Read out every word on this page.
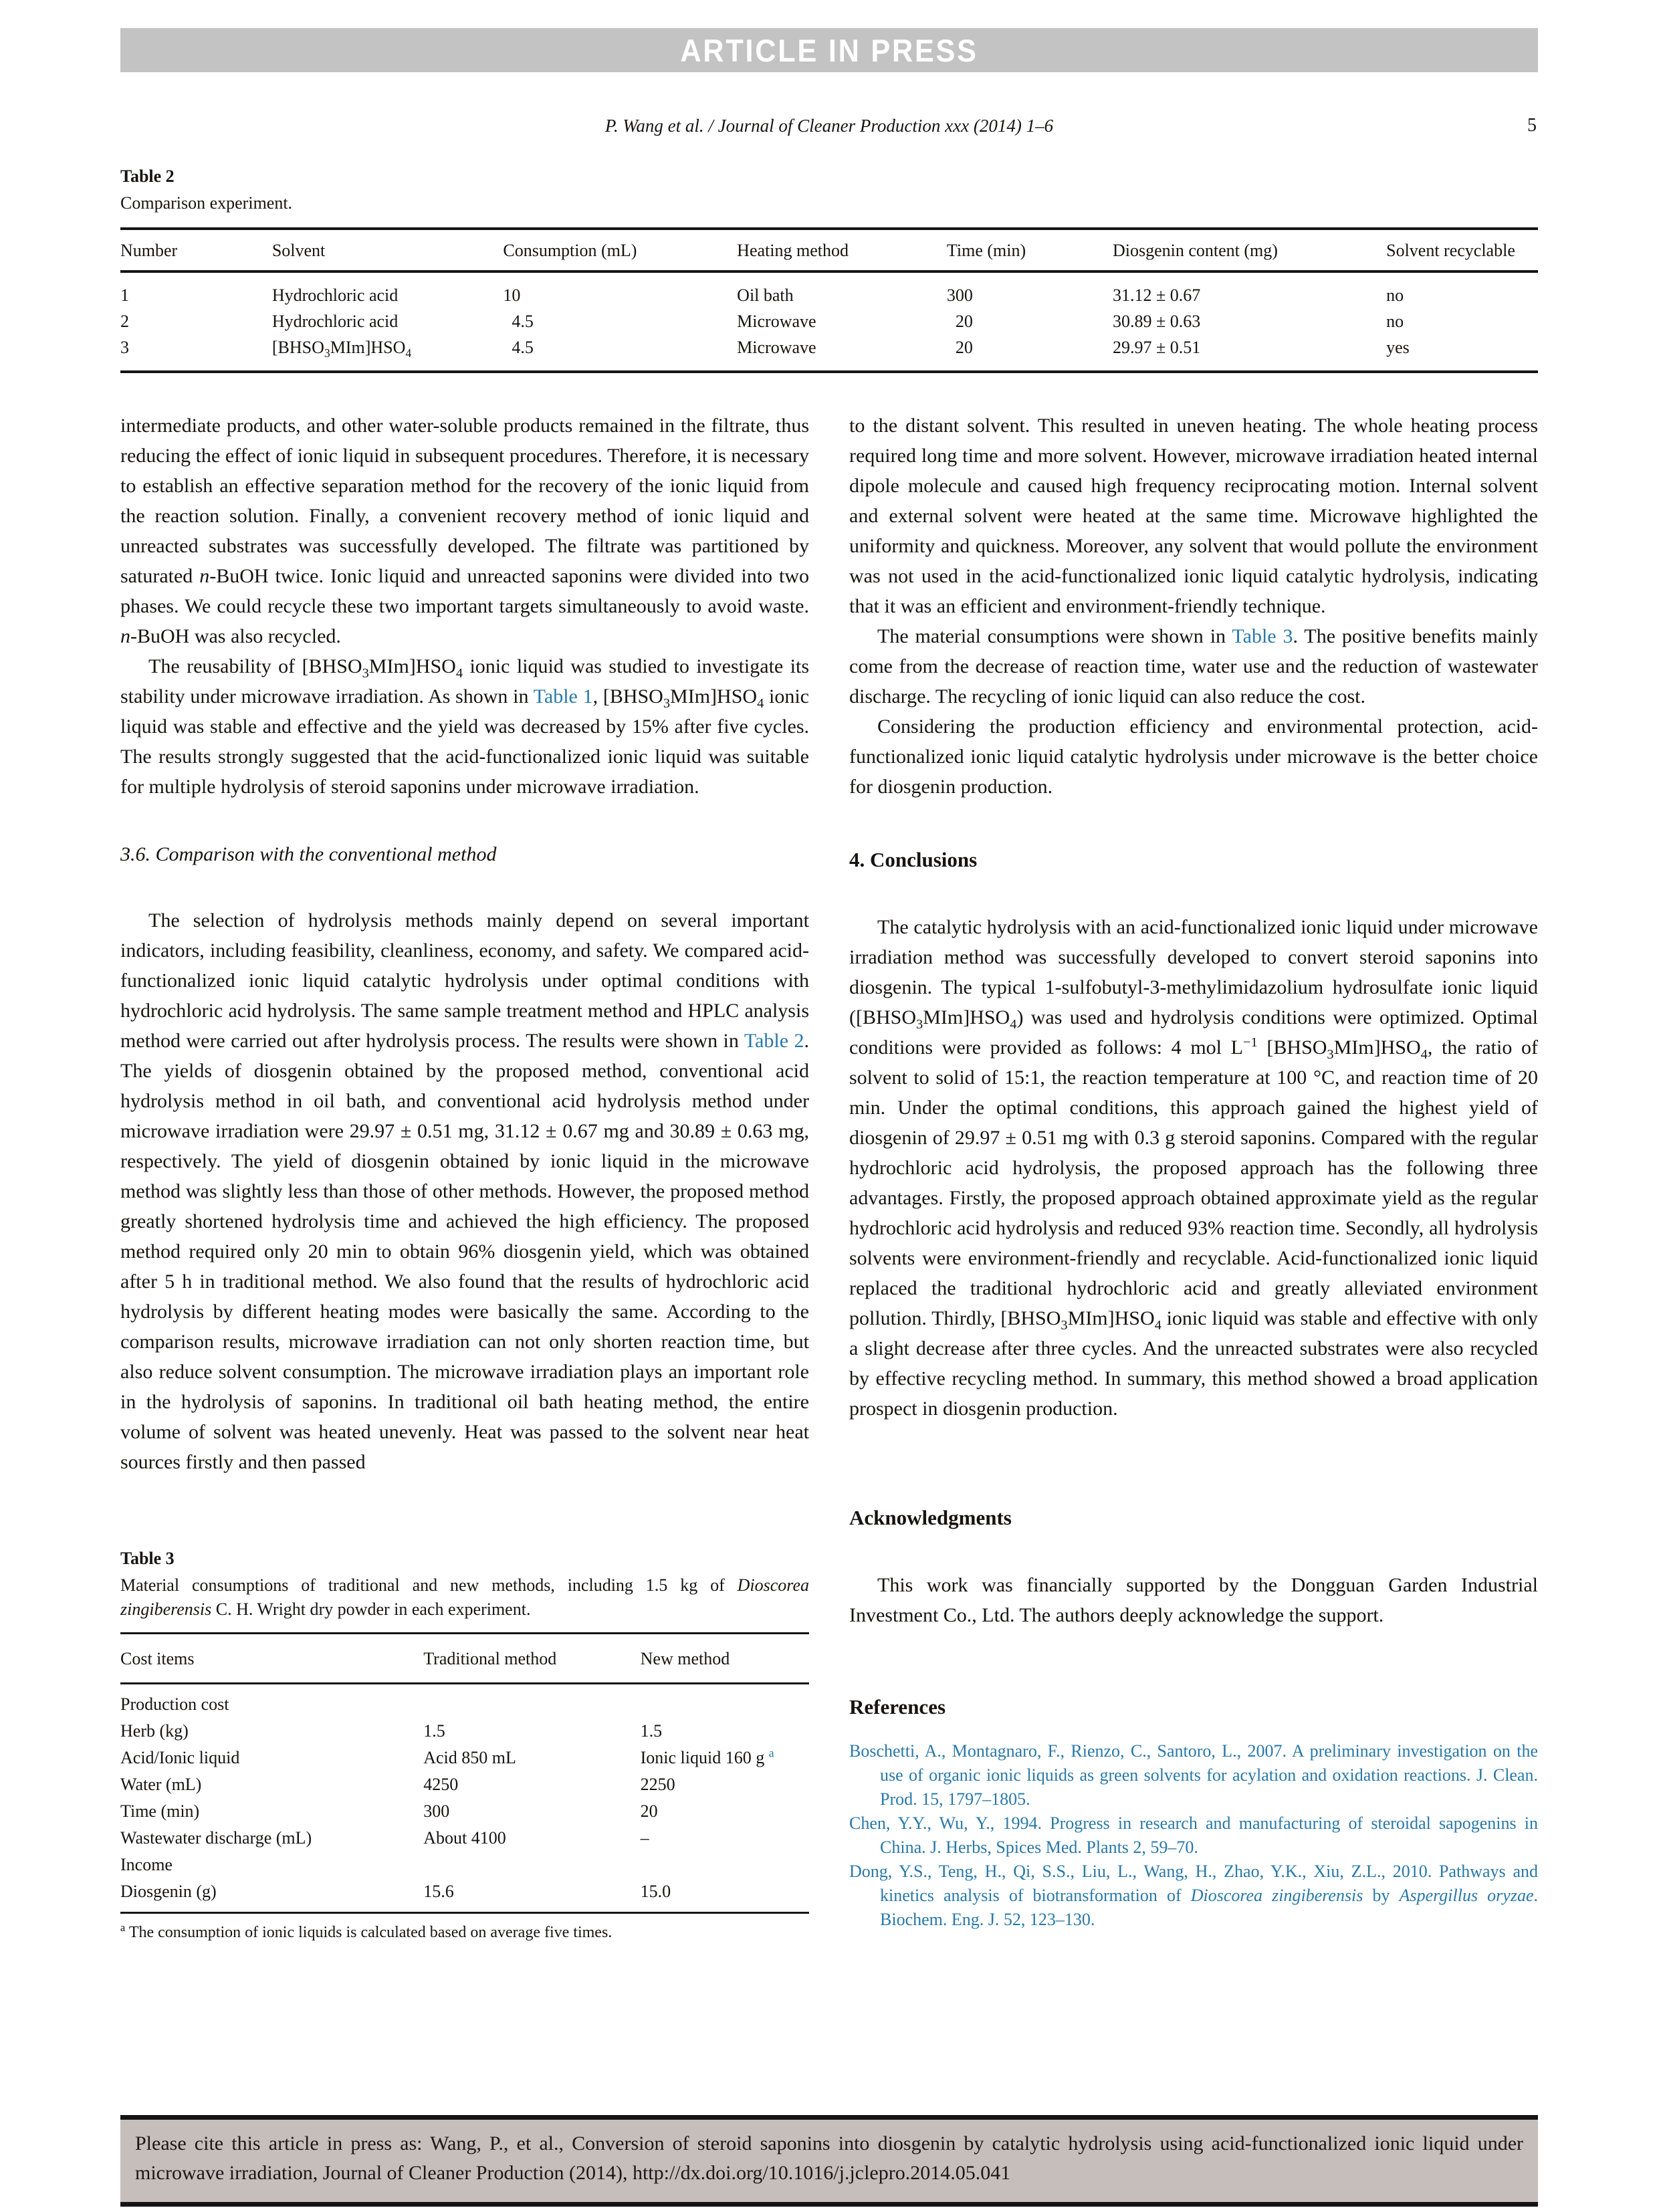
ARTICLE IN PRESS
P. Wang et al. / Journal of Cleaner Production xxx (2014) 1–6	5
Table 2
Comparison experiment.
Number	Solvent	Consumption (mL)	Heating method	Time (min)	Diosgenin content (mg)	Solvent recyclable
1	Hydrochloric acid	10	Oil bath	300	31.12 ± 0.67	no
2	Hydrochloric acid	4.5	Microwave	20	30.89 ± 0.63	no
3	$[BHSO_3MIm]HSO_4$	4.5	Microwave	20	29.97 ± 0.51	yes

intermediate products, and other water-soluble products remained in the filtrate, thus reducing the effect of ionic liquid in subsequent procedures. Therefore, it is necessary to establish an effective separation method for the recovery of the ionic liquid from the reaction solution. Finally, a convenient recovery method of ionic liquid and unreacted substrates was successfully developed. The filtrate was partitioned by saturated n-BuOH twice. Ionic liquid and unreacted saponins were divided into two phases. We could recycle these two important targets simultaneously to avoid waste. n-BuOH was also recycled.

The reusability of $[BHSO_3MIm]HSO_4$ ionic liquid was studied to investigate its stability under microwave irradiation. As shown in Table 1, $[BHSO_3MIm]HSO_4$ ionic liquid was stable and effective and the yield was decreased by 15% after five cycles. The results strongly suggested that the acid-functionalized ionic liquid was suitable for multiple hydrolysis of steroid saponins under microwave irradiation.

3.6. Comparison with the conventional method

The selection of hydrolysis methods mainly depend on several important indicators, including feasibility, cleanliness, economy, and safety. We compared acid-functionalized ionic liquid catalytic hydrolysis under optimal conditions with hydrochloric acid hydrolysis. The same sample treatment method and HPLC analysis method were carried out after hydrolysis process. The results were shown in Table 2. The yields of diosgenin obtained by the proposed method, conventional acid hydrolysis method in oil bath, and conventional acid hydrolysis method under microwave irradiation were 29.97 ± 0.51 mg, 31.12 ± 0.67 mg and 30.89 ± 0.63 mg, respectively. The yield of diosgenin obtained by ionic liquid in the microwave method was slightly less than those of other methods. However, the proposed method greatly shortened hydrolysis time and achieved the high efficiency. The proposed method required only 20 min to obtain 96% diosgenin yield, which was obtained after 5 h in traditional method. We also found that the results of hydrochloric acid hydrolysis by different heating modes were basically the same. According to the comparison results, microwave irradiation can not only shorten reaction time, but also reduce solvent consumption. The microwave irradiation plays an important role in the hydrolysis of saponins. In traditional oil bath heating method, the entire volume of solvent was heated unevenly. Heat was passed to the solvent near heat sources firstly and then passed

Table 3
Material consumptions of traditional and new methods, including 1.5 kg of Dioscorea zingiberensis C. H. Wright dry powder in each experiment.
Cost items	Traditional method	New method
Production cost		
Herb (kg)	1.5	1.5
Acid/Ionic liquid	Acid 850 mL	Ionic liquid 160 g $^a$
Water (mL)	4250	2250
Time (min)	300	20
Wastewater discharge (mL)	About 4100	–
Income		
Diosgenin (g)	15.6	15.0
$^a$ The consumption of ionic liquids is calculated based on average five times.

to the distant solvent. This resulted in uneven heating. The whole heating process required long time and more solvent. However, microwave irradiation heated internal dipole molecule and caused high frequency reciprocating motion. Internal solvent and external solvent were heated at the same time. Microwave highlighted the uniformity and quickness. Moreover, any solvent that would pollute the environment was not used in the acid-functionalized ionic liquid catalytic hydrolysis, indicating that it was an efficient and environment-friendly technique.

The material consumptions were shown in Table 3. The positive benefits mainly come from the decrease of reaction time, water use and the reduction of wastewater discharge. The recycling of ionic liquid can also reduce the cost.

Considering the production efficiency and environmental protection, acid-functionalized ionic liquid catalytic hydrolysis under microwave is the better choice for diosgenin production.

4. Conclusions

The catalytic hydrolysis with an acid-functionalized ionic liquid under microwave irradiation method was successfully developed to convert steroid saponins into diosgenin. The typical 1-sulfobutyl-3-methylimidazolium hydrosulfate ionic liquid $([BHSO_3MIm]HSO_4)$ was used and hydrolysis conditions were optimized. Optimal conditions were provided as follows: 4 mol $L^{-1}$ $[BHSO_3MIm]HSO_4$, the ratio of solvent to solid of 15:1, the reaction temperature at 100 °C, and reaction time of 20 min. Under the optimal conditions, this approach gained the highest yield of diosgenin of 29.97 ± 0.51 mg with 0.3 g steroid saponins. Compared with the regular hydrochloric acid hydrolysis, the proposed approach has the following three advantages. Firstly, the proposed approach obtained approximate yield as the regular hydrochloric acid hydrolysis and reduced 93% reaction time. Secondly, all hydrolysis solvents were environment-friendly and recyclable. Acid-functionalized ionic liquid replaced the traditional hydrochloric acid and greatly alleviated environment pollution. Thirdly, $[BHSO_3MIm]HSO_4$ ionic liquid was stable and effective with only a slight decrease after three cycles. And the unreacted substrates were also recycled by effective recycling method. In summary, this method showed a broad application prospect in diosgenin production.

Acknowledgments

This work was financially supported by the Dongguan Garden Industrial Investment Co., Ltd. The authors deeply acknowledge the support.

References

Boschetti, A., Montagnaro, F., Rienzo, C., Santoro, L., 2007. A preliminary investigation on the use of organic ionic liquids as green solvents for acylation and oxidation reactions. J. Clean. Prod. 15, 1797–1805.

Chen, Y.Y., Wu, Y., 1994. Progress in research and manufacturing of steroidal sapogenins in China. J. Herbs, Spices Med. Plants 2, 59–70.

Dong, Y.S., Teng, H., Qi, S.S., Liu, L., Wang, H., Zhao, Y.K., Xiu, Z.L., 2010. Pathways and kinetics analysis of biotransformation of Dioscorea zingiberensis by Aspergillus oryzae. Biochem. Eng. J. 52, 123–130.

Please cite this article in press as: Wang, P., et al., Conversion of steroid saponins into diosgenin by catalytic hydrolysis using acid-functionalized ionic liquid under microwave irradiation, Journal of Cleaner Production (2014), http://dx.doi.org/10.1016/j.jclepro.2014.05.041
